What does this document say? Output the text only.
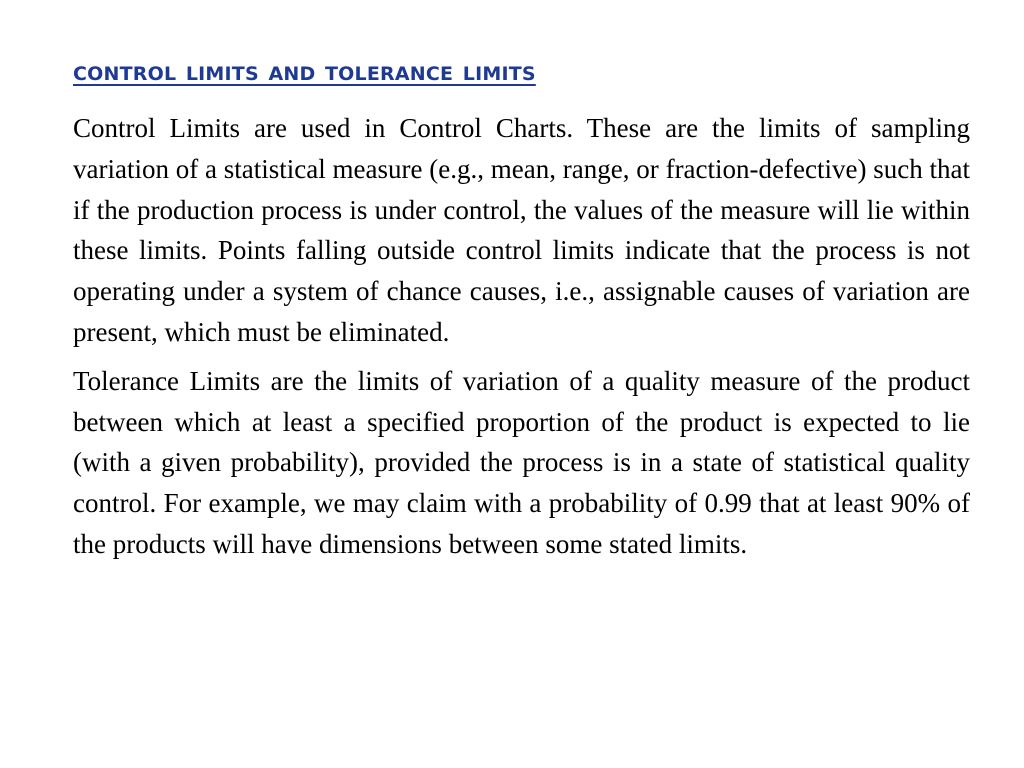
control limits and tolerance limits

Control Limits are used in Control Charts. These are the limits of sampling variation of a statistical measure (e.g., mean, range, or fraction-defective) such that if the production process is under control, the values of the measure will lie within these limits. Points falling outside control limits indicate that the process is not operating under a system of chance causes, i.e., assignable causes of variation are present, which must be eliminated.

Tolerance Limits are the limits of variation of a quality measure of the product between which at least a specified proportion of the product is expected to lie (with a given probability), provided the process is in a state of statistical quality control. For example, we may claim with a probability of 0.99 that at least 90% of the products will have dimensions between some stated limits.
